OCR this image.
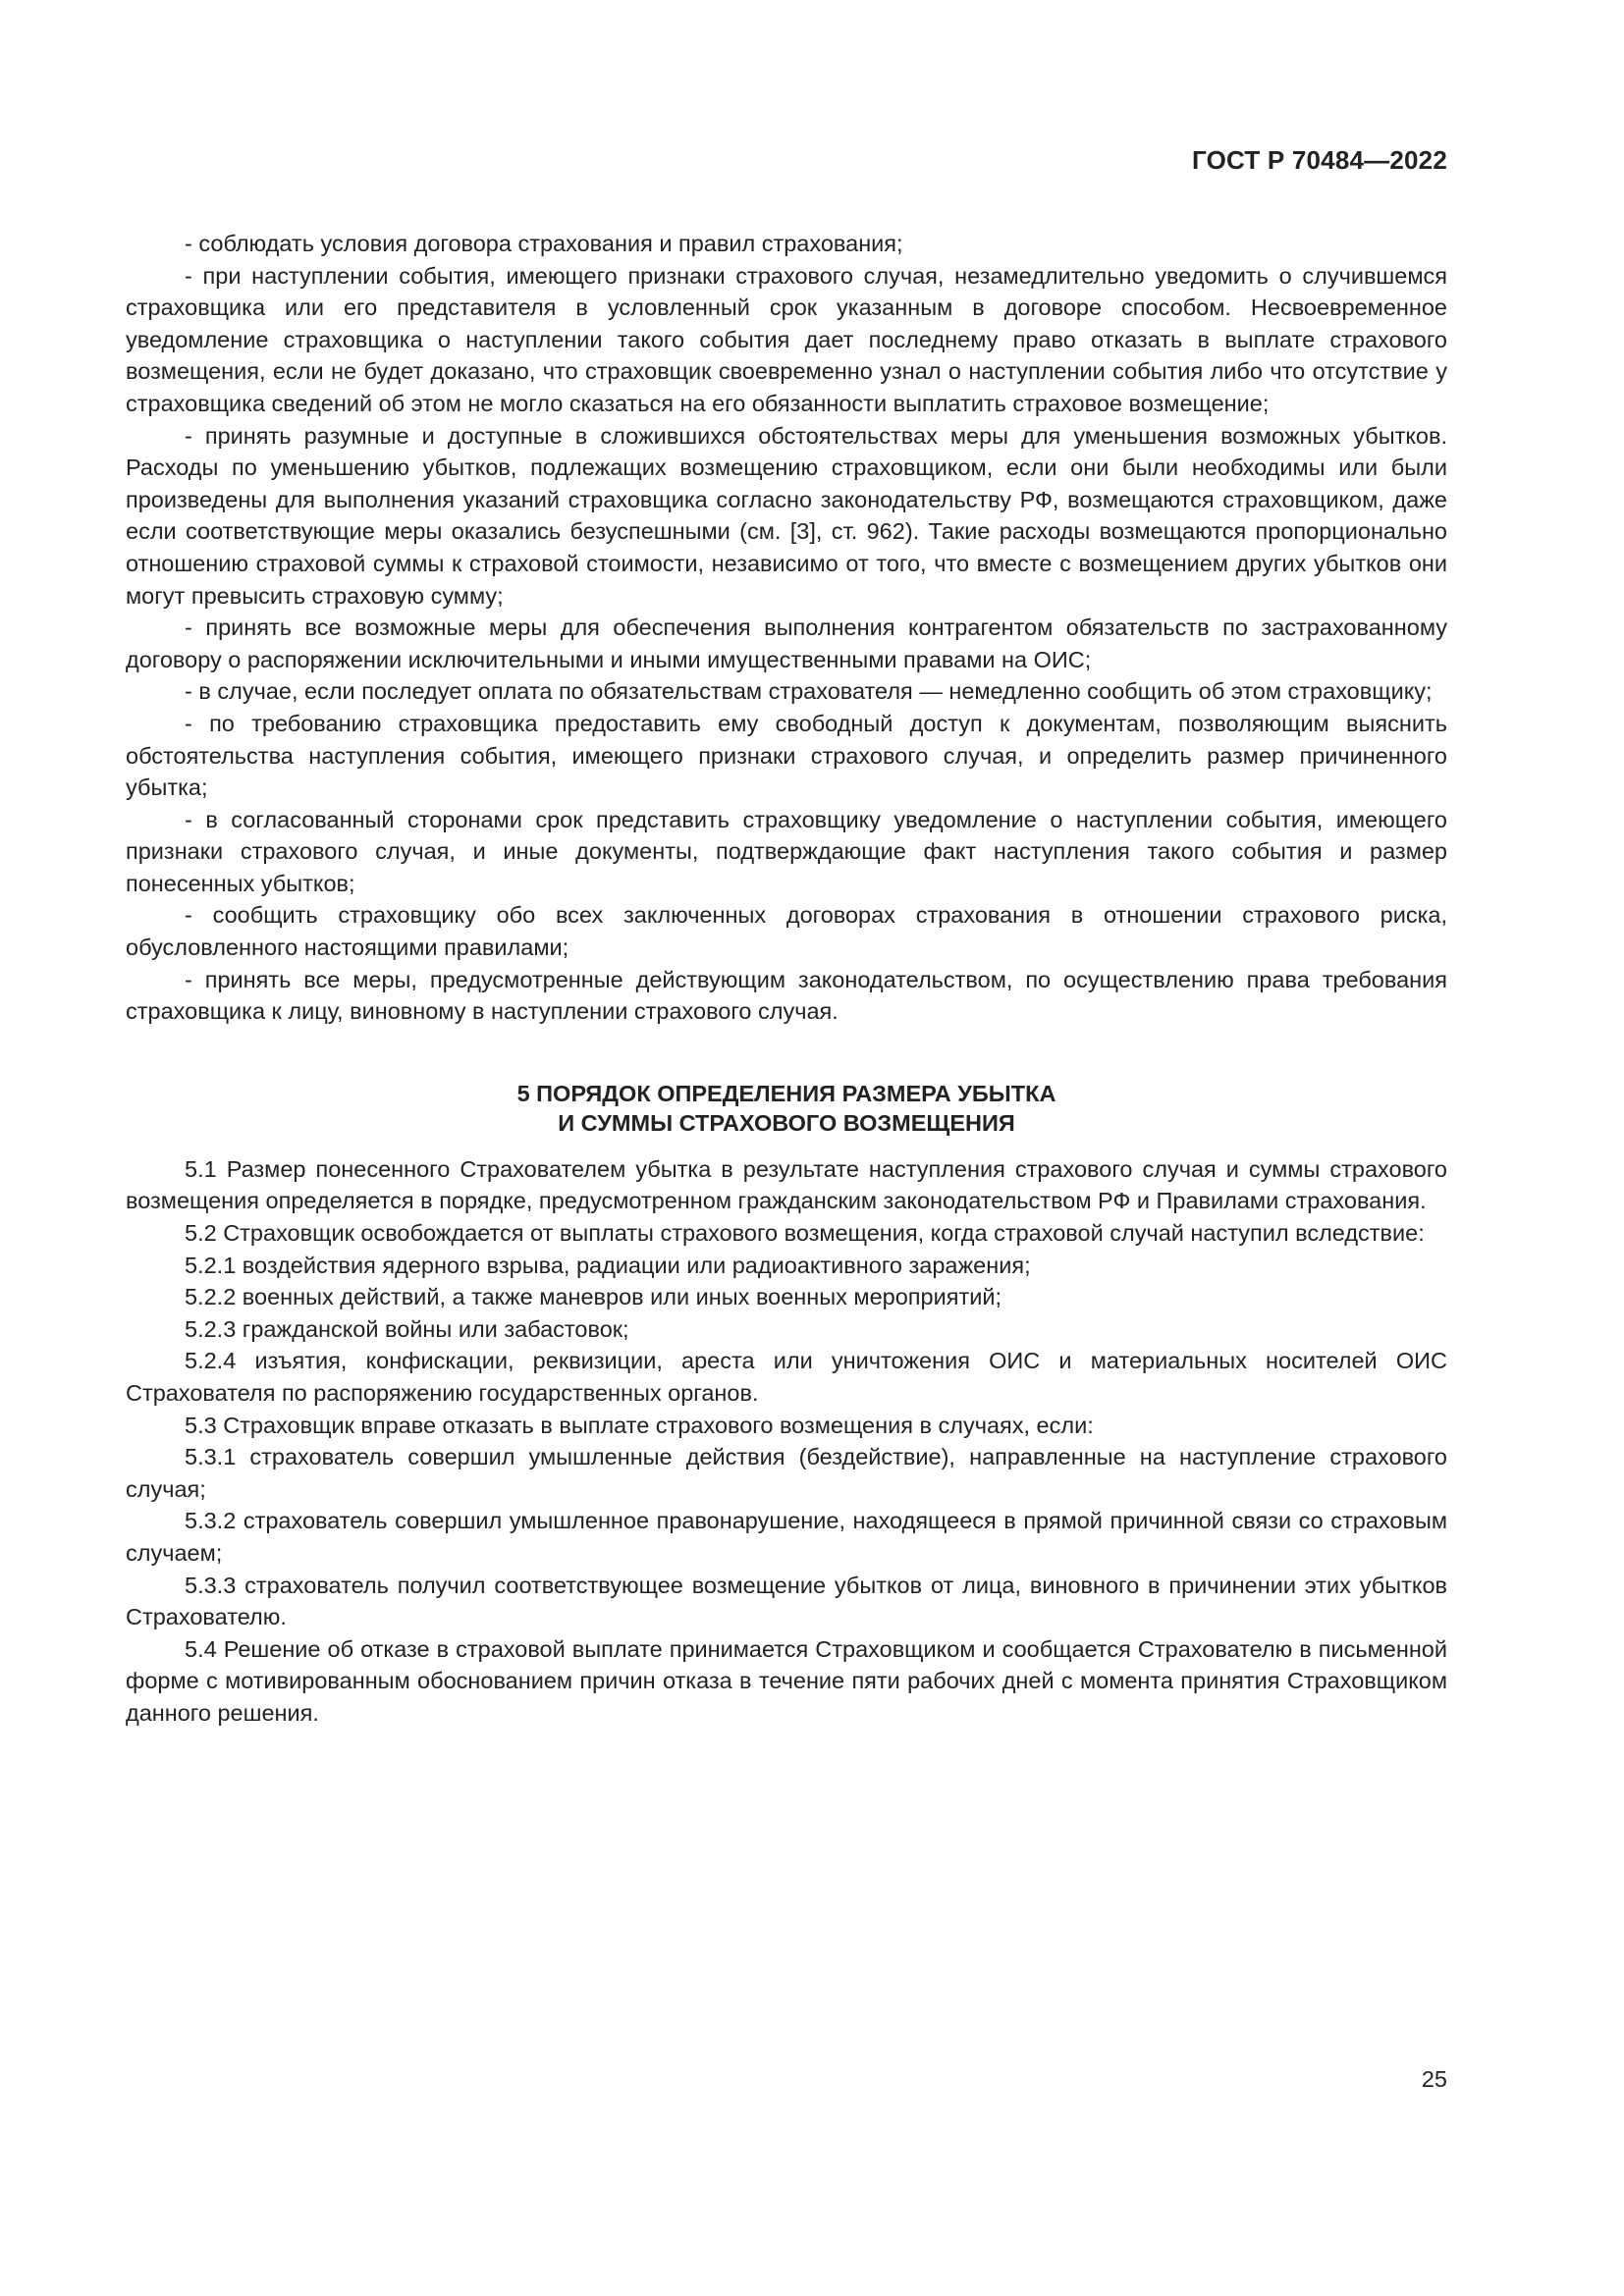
ГОСТ Р 70484—2022

- соблюдать условия договора страхования и правил страхования;

- при наступлении события, имеющего признаки страхового случая, незамедлительно уведомить о случившемся страховщика или его представителя в условленный срок указанным в договоре способом. Несвоевременное уведомление страховщика о наступлении такого события дает последнему право отказать в выплате страхового возмещения, если не будет доказано, что страховщик своевременно узнал о наступлении события либо что отсутствие у страховщика сведений об этом не могло сказаться на его обязанности выплатить страховое возмещение;

- принять разумные и доступные в сложившихся обстоятельствах меры для уменьшения возможных убытков. Расходы по уменьшению убытков, подлежащих возмещению страховщиком, если они были необходимы или были произведены для выполнения указаний страховщика согласно законодательству РФ, возмещаются страховщиком, даже если соответствующие меры оказались безуспешными (см. [3], ст. 962). Такие расходы возмещаются пропорционально отношению страховой суммы к страховой стоимости, независимо от того, что вместе с возмещением других убытков они могут превысить страховую сумму;

- принять все возможные меры для обеспечения выполнения контрагентом обязательств по застрахованному договору о распоряжении исключительными и иными имущественными правами на ОИС;

- в случае, если последует оплата по обязательствам страхователя — немедленно сообщить об этом страховщику;

- по требованию страховщика предоставить ему свободный доступ к документам, позволяющим выяснить обстоятельства наступления события, имеющего признаки страхового случая, и определить размер причиненного убытка;

- в согласованный сторонами срок представить страховщику уведомление о наступлении события, имеющего признаки страхового случая, и иные документы, подтверждающие факт наступления такого события и размер понесенных убытков;

- сообщить страховщику обо всех заключенных договорах страхования в отношении страхового риска, обусловленного настоящими правилами;

- принять все меры, предусмотренные действующим законодательством, по осуществлению права требования страховщика к лицу, виновному в наступлении страхового случая.

5 ПОРЯДОК ОПРЕДЕЛЕНИЯ РАЗМЕРА УБЫТКА
И СУММЫ СТРАХОВОГО ВОЗМЕЩЕНИЯ

5.1 Размер понесенного Страхователем убытка в результате наступления страхового случая и суммы страхового возмещения определяется в порядке, предусмотренном гражданским законодательством РФ и Правилами страхования.

5.2 Страховщик освобождается от выплаты страхового возмещения, когда страховой случай наступил вследствие:

5.2.1 воздействия ядерного взрыва, радиации или радиоактивного заражения;

5.2.2 военных действий, а также маневров или иных военных мероприятий;

5.2.3 гражданской войны или забастовок;

5.2.4 изъятия, конфискации, реквизиции, ареста или уничтожения ОИС и материальных носителей ОИС Страхователя по распоряжению государственных органов.

5.3 Страховщик вправе отказать в выплате страхового возмещения в случаях, если:

5.3.1 страхователь совершил умышленные действия (бездействие), направленные на наступление страхового случая;

5.3.2 страхователь совершил умышленное правонарушение, находящееся в прямой причинной связи со страховым случаем;

5.3.3 страхователь получил соответствующее возмещение убытков от лица, виновного в причинении этих убытков Страхователю.

5.4 Решение об отказе в страховой выплате принимается Страховщиком и сообщается Страхователю в письменной форме с мотивированным обоснованием причин отказа в течение пяти рабочих дней с момента принятия Страховщиком данного решения.

25
